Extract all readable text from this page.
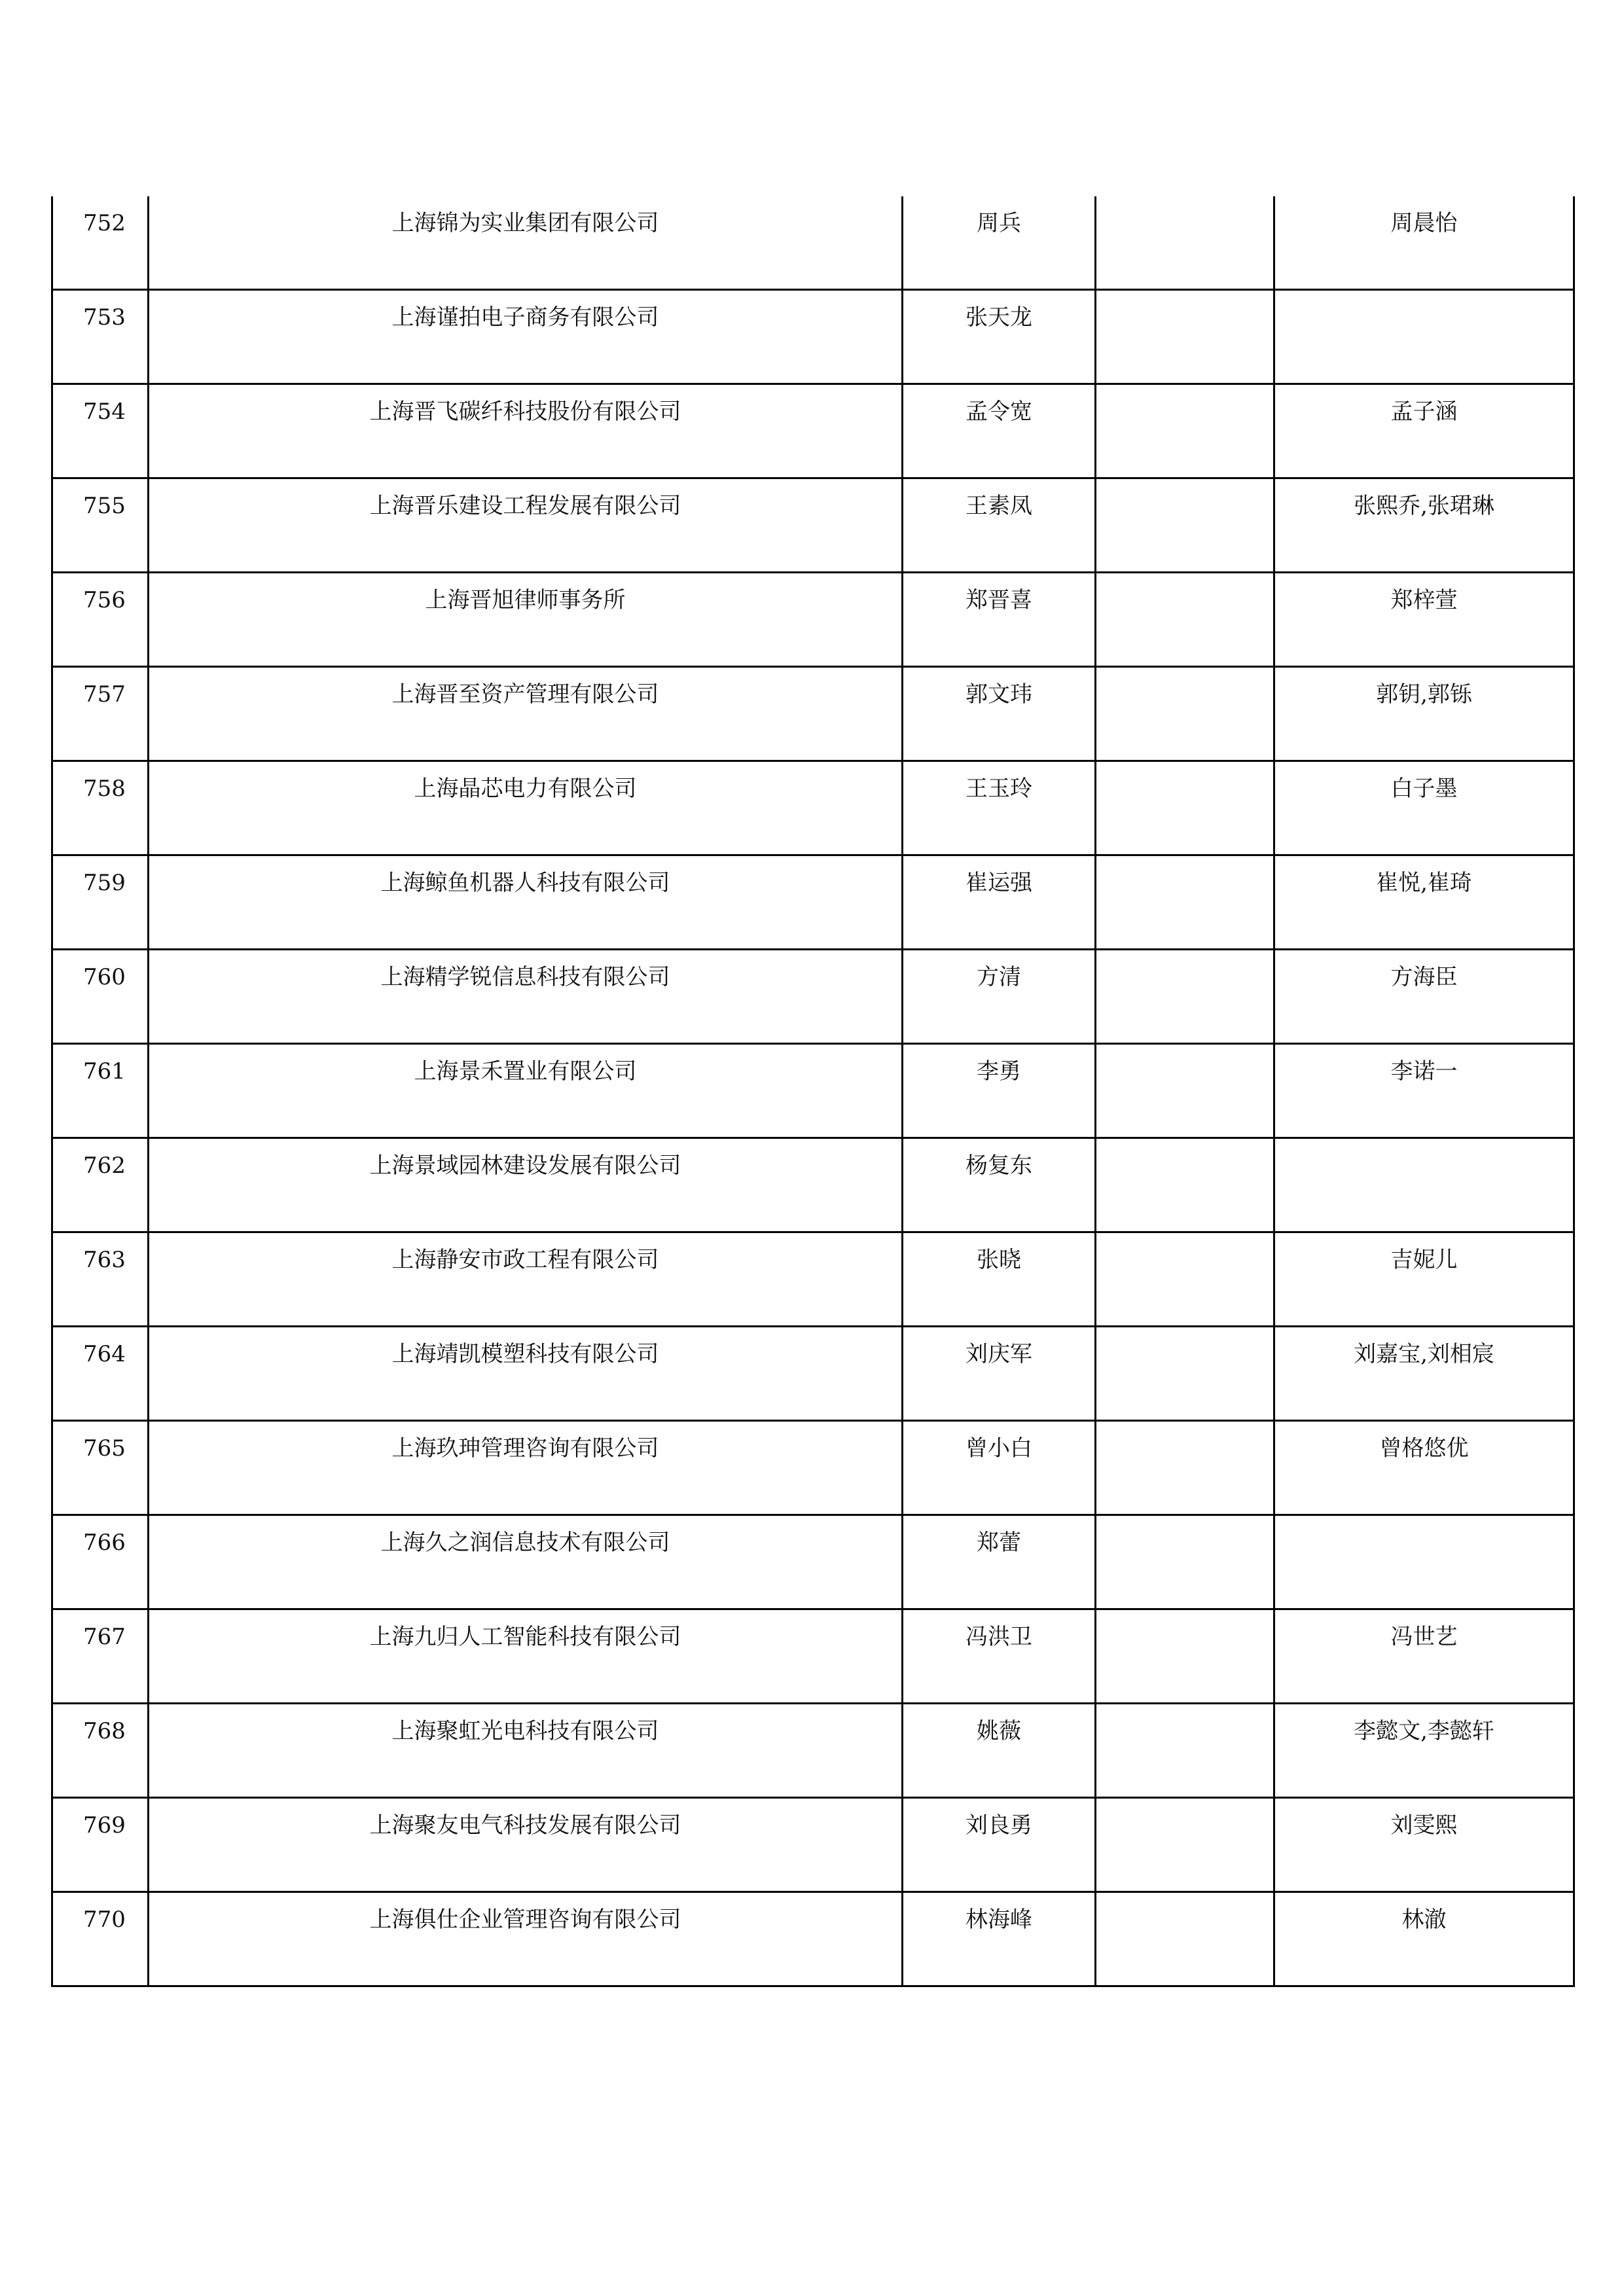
752	上海锦为实业集团有限公司	周兵		周晨怡

753	上海谨拍电子商务有限公司	张天龙		

754	上海晋飞碳纤科技股份有限公司	孟令宽		孟子涵

755	上海晋乐建设工程发展有限公司	王素凤		张熙乔,张珺琳

756	上海晋旭律师事务所	郑晋喜		郑梓萱

757	上海晋至资产管理有限公司	郭文玮		郭钥,郭铄

758	上海晶芯电力有限公司	王玉玲		白子墨

759	上海鲸鱼机器人科技有限公司	崔运强		崔悦,崔琦

760	上海精学锐信息科技有限公司	方清		方海臣

761	上海景禾置业有限公司	李勇		李诺一

762	上海景域园林建设发展有限公司	杨复东		

763	上海静安市政工程有限公司	张晓		吉妮儿

764	上海靖凯模塑科技有限公司	刘庆军		刘嘉宝,刘相宸

765	上海玖珅管理咨询有限公司	曾小白		曾格悠优

766	上海久之润信息技术有限公司	郑蕾		

767	上海九归人工智能科技有限公司	冯洪卫		冯世艺

768	上海聚虹光电科技有限公司	姚薇		李懿文,李懿轩

769	上海聚友电气科技发展有限公司	刘良勇		刘雯熙

770	上海俱仕企业管理咨询有限公司	林海峰		林澈
